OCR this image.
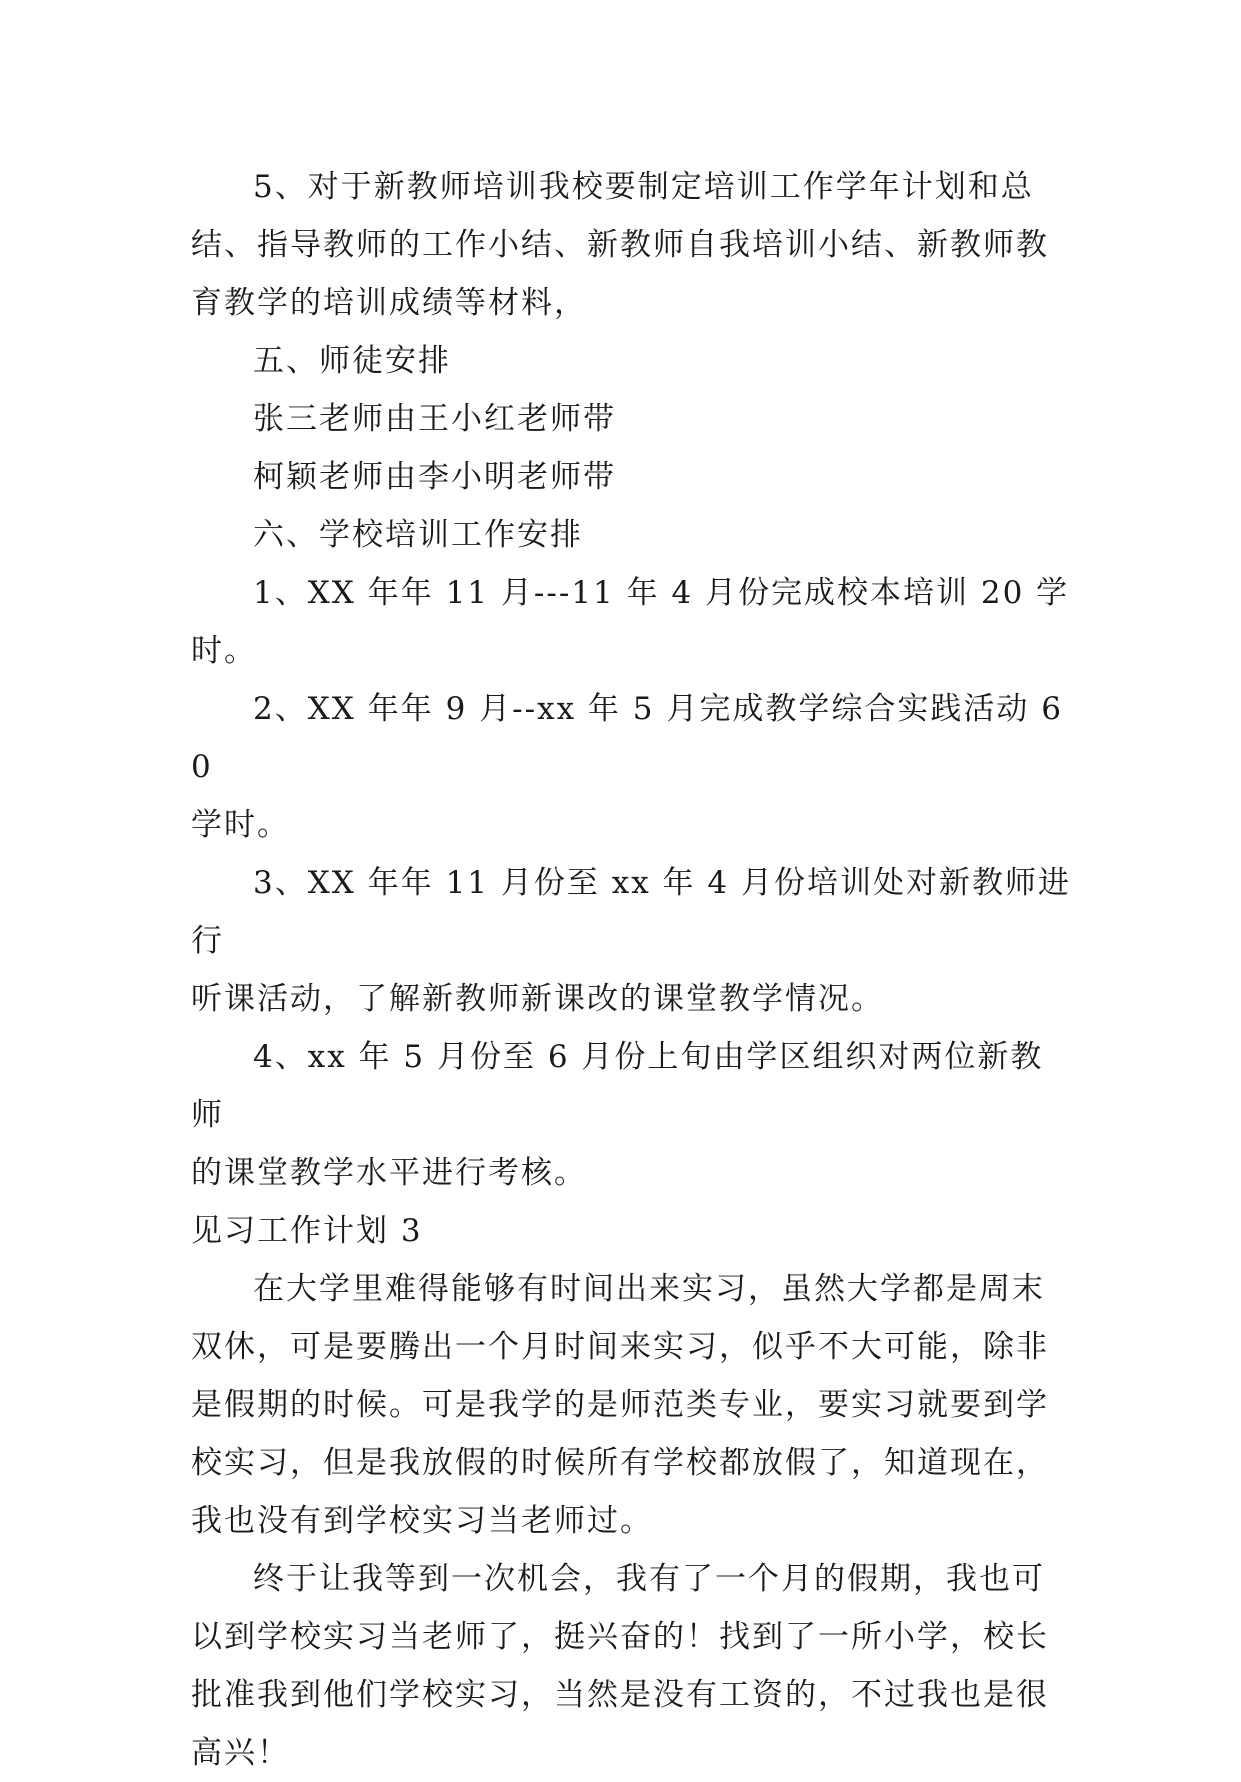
5、对于新教师培训我校要制定培训工作学年计划和总
结、指导教师的工作小结、新教师自我培训小结、新教师教
育教学的培训成绩等材料，

五、师徒安排

张三老师由王小红老师带

柯颖老师由李小明老师带

六、学校培训工作安排

1、XX 年年 11 月---11 年 4 月份完成校本培训 20 学时。

2、XX 年年 9 月--xx 年 5 月完成教学综合实践活动 60
学时。

3、XX 年年 11 月份至 xx 年 4 月份培训处对新教师进行
听课活动，了解新教师新课改的课堂教学情况。

4、xx 年 5 月份至 6 月份上旬由学区组织对两位新教师
的课堂教学水平进行考核。

见习工作计划 3

在大学里难得能够有时间出来实习，虽然大学都是周末
双休，可是要腾出一个月时间来实习，似乎不大可能，除非
是假期的时候。可是我学的是师范类专业，要实习就要到学
校实习，但是我放假的时候所有学校都放假了，知道现在，
我也没有到学校实习当老师过。

终于让我等到一次机会，我有了一个月的假期，我也可
以到学校实习当老师了，挺兴奋的！找到了一所小学，校长
批准我到他们学校实习，当然是没有工资的，不过我也是很
高兴！
